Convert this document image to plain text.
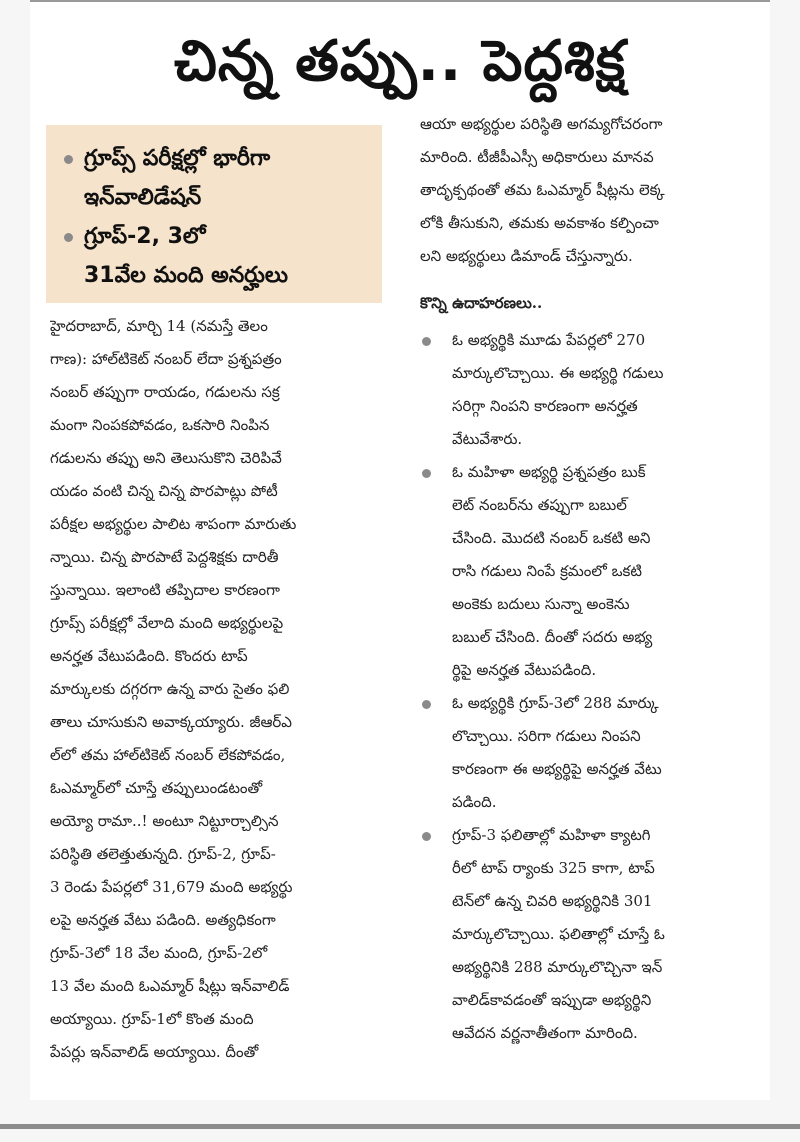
చిన్న తప్పు.. పెద్దశిక్ష
గ్రూప్స్ పరీక్షల్లో భారీగా
ఇన్‌వాలిడేషన్
గ్రూప్-2, 3లో
31వేల మంది అనర్హులు
హైదరాబాద్, మార్చి 14 (నమస్తే తెలం
గాణ): హాల్‌టికెట్ నంబర్ లేదా ప్రశ్నపత్రం
నంబర్ తప్పుగా రాయడం, గడులను సక్ర
మంగా నింపకపోవడం, ఒకసారి నింపిన
గడులను తప్పు అని తెలుసుకొని చెరిపివే
యడం వంటి చిన్న చిన్న పొరపాట్లు పోటీ
పరీక్షల అభ్యర్థుల పాలిట శాపంగా మారుతు
న్నాయి. చిన్న పొరపాటే పెద్దశిక్షకు దారితీ
స్తున్నాయి. ఇలాంటి తప్పిదాల కారణంగా
గ్రూప్స్ పరీక్షల్లో వేలాది మంది అభ్యర్థులపై
అనర్హత వేటుపడింది. కొందరు టాప్
మార్కులకు దగ్గరగా ఉన్న వారు సైతం ఫలి
తాలు చూసుకుని అవాక్కయ్యారు. జీఆర్‌ఎ
ల్‌లో తమ హాల్‌టికెట్ నంబర్ లేకపోవడం,
ఓఎమ్మార్‌లో చూస్తే తప్పులుండటంతో
అయ్యో రామా..! అంటూ నిట్టూర్చాల్సిన
పరిస్థితి తలెత్తుతున్నది. గ్రూప్-2, గ్రూప్-
3 రెండు పేపర్లలో 31,679 మంది అభ్యర్థు
లపై అనర్హత వేటు పడింది. అత్యధికంగా
గ్రూప్-3లో 18 వేల మంది, గ్రూప్-2లో
13 వేల మంది ఓఎమ్మార్ షీట్లు ఇన్‌వాలిడ్
అయ్యాయి. గ్రూప్-1లో కొంత మంది
పేపర్లు ఇన్‌వాలిడ్ అయ్యాయి. దీంతో
ఆయా అభ్యర్థుల పరిస్థితి అగమ్యగోచరంగా
మారింది. టీజీపీఎస్సీ అధికారులు మానవ
తాదృక్పథంతో తమ ఓఎమ్మార్ షీట్లను లెక్క
లోకి తీసుకుని, తమకు అవకాశం కల్పించా
లని అభ్యర్థులు డిమాండ్ చేస్తున్నారు.
కొన్ని ఉదాహరణలు..
ఓ అభ్యర్థికి మూడు పేపర్లలో 270
మార్కులొచ్చాయి. ఈ అభ్యర్థి గడులు
సరిగ్గా నింపని కారణంగా అనర్హత
వేటువేశారు.
ఓ మహిళా అభ్యర్థి ప్రశ్నపత్రం బుక్
లెట్ నంబర్‌ను తప్పుగా బబుల్
చేసింది. మొదటి నంబర్ ఒకటి అని
రాసి గడులు నింపే క్రమంలో ఒకటి
అంకెకు బదులు సున్నా అంకెను
బబుల్ చేసింది. దీంతో సదరు అభ్య
ర్థిపై అనర్హత వేటుపడింది.
ఓ అభ్యర్థికి గ్రూప్-3లో 288 మార్కు
లొచ్చాయి. సరిగా గడులు నింపని
కారణంగా ఈ అభ్యర్థిపై అనర్హత వేటు
పడింది.
గ్రూప్-3 ఫలితాల్లో మహిళా క్యాటగి
రీలో టాప్ ర్యాంకు 325 కాగా, టాప్
టెన్‌లో ఉన్న చివరి అభ్యర్థినికి 301
మార్కులొచ్చాయి. ఫలితాల్లో చూస్తే ఓ
అభ్యర్థినికి 288 మార్కులొచ్చినా ఇన్
వాలిడ్‌కావడంతో ఇప్పుడా అభ్యర్థిని
ఆవేదన వర్ణనాతీతంగా మారింది.
